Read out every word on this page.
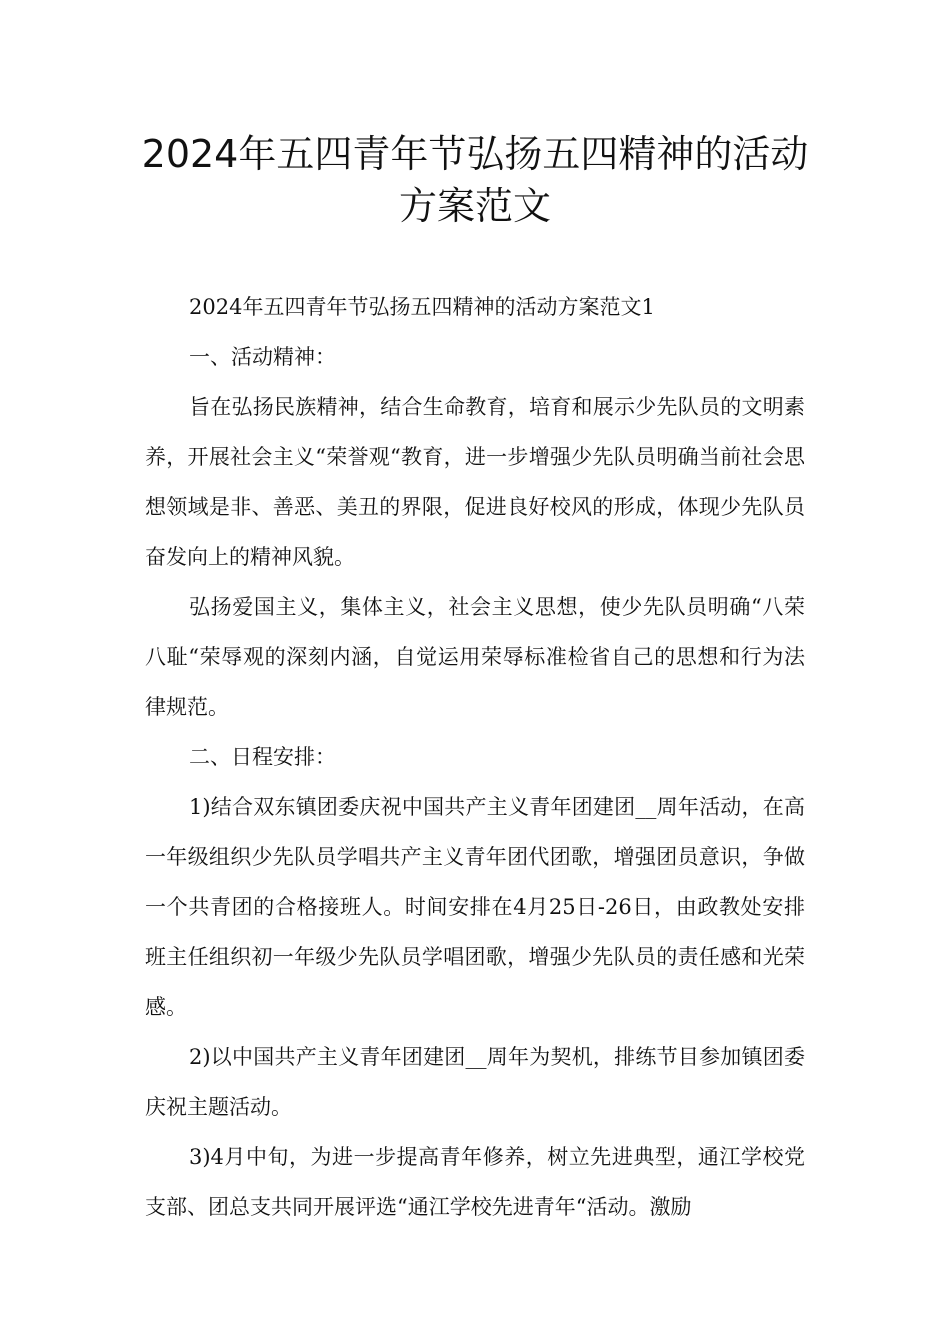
2024年五四青年节弘扬五四精神的活动
方案范文

2024年五四青年节弘扬五四精神的活动方案范文1

一、活动精神：

旨在弘扬民族精神，结合生命教育，培育和展示少先队员的文明素养，开展社会主义“荣誉观“教育，进一步增强少先队员明确当前社会思想领域是非、善恶、美丑的界限，促进良好校风的形成，体现少先队员奋发向上的精神风貌。

弘扬爱国主义，集体主义，社会主义思想，使少先队员明确“八荣八耻“荣辱观的深刻内涵，自觉运用荣辱标准检省自己的思想和行为法律规范。

二、日程安排：

1)结合双东镇团委庆祝中国共产主义青年团建团__周年活动，在高一年级组织少先队员学唱共产主义青年团代团歌，增强团员意识，争做一个共青团的合格接班人。时间安排在4月25日-26日，由政教处安排班主任组织初一年级少先队员学唱团歌，增强少先队员的责任感和光荣感。

2)以中国共产主义青年团建团__周年为契机，排练节目参加镇团委庆祝主题活动。

3)4月中旬，为进一步提高青年修养，树立先进典型，通江学校党支部、团总支共同开展评选“通江学校先进青年“活动。激励
